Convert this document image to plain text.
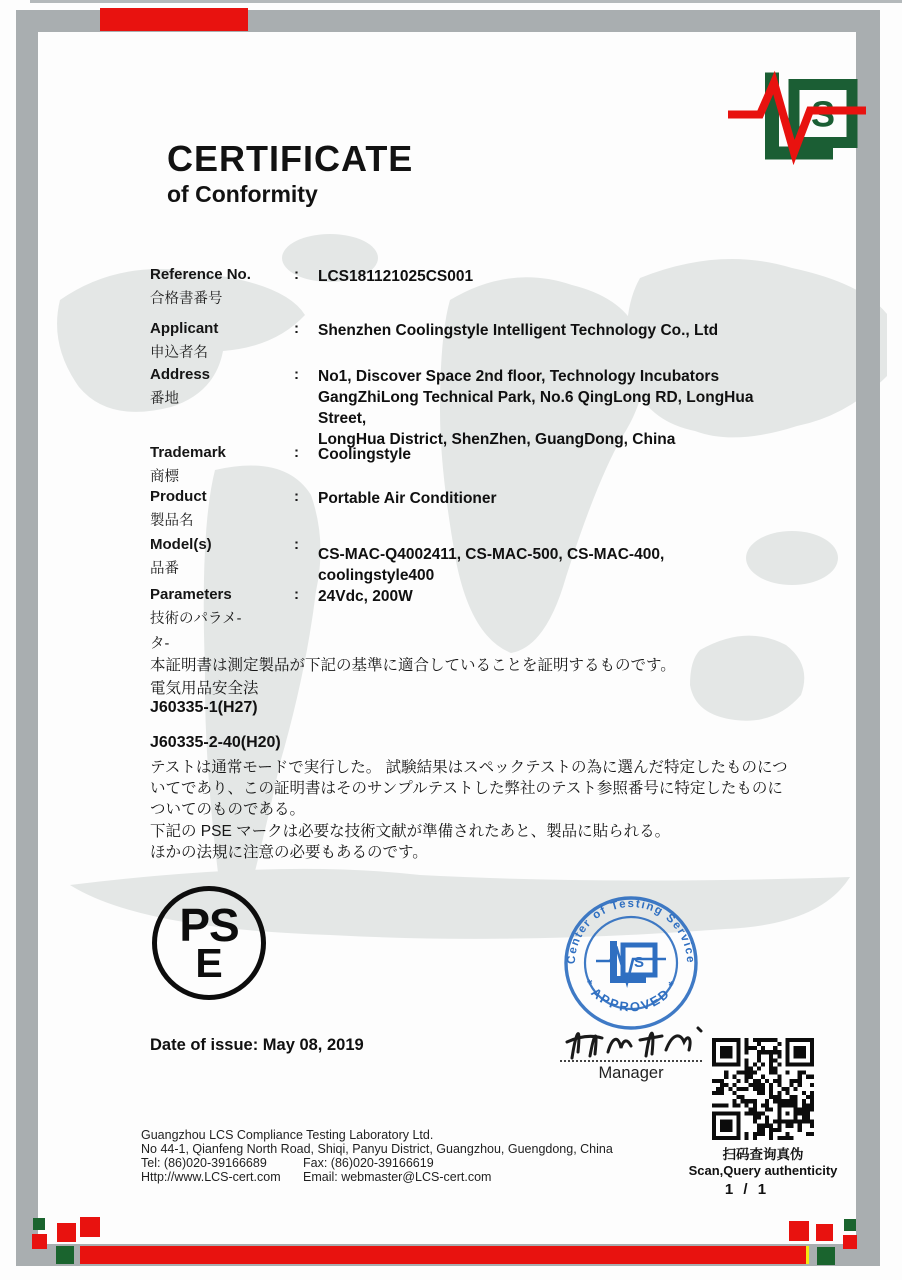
S
CERTIFICATE
of Conformity
Reference No.
合格書番号
:	LCS181121025CS001
Applicant
申込者名
:	Shenzhen Coolingstyle Intelligent Technology Co., Ltd
Address
番地
:	No1, Discover Space 2nd floor, Technology Incubators
GangZhiLong Technical Park, No.6 QingLong RD, LongHua Street,
LongHua District, ShenZhen, GuangDong, China
Trademark
商標
:	Coolingstyle
Product
製品名
:	Portable Air Conditioner
Model(s)
品番
:
CS-MAC-Q4002411, CS-MAC-500, CS-MAC-400, coolingstyle400
Parameters
技術のパラメ-
タ-
:	24Vdc, 200W
本証明書は測定製品が下記の基準に適合していることを証明するものです。
電気用品安全法
J60335-1(H27)
J60335-2-40(H20)
テストは通常モードで実行した。 試験結果はスペックテストの為に選んだ特定したものにつ
いてであり、この証明書はそのサンプルテストした弊社のテスト参照番号に特定したものに
ついてのものである。
下記の PSE マークは必要な技術文献が準備されたあと、製品に貼られる。
ほかの法規に注意の必要もあるのです。
PS
E	Center of Testing Service
* APPROVED *
S
Manager
Date of issue: May 08, 2019
Guangzhou LCS Compliance Testing Laboratory Ltd.
No 44-1, Qianfeng North Road, Shiqi, Panyu District, Guangzhou, Guengdong, China
Tel: (86)020-39166689	Fax: (86)020-39166619
Http://www.LCS-cert.com	Email: webmaster@LCS-cert.com
扫码查询真伪
Scan,Query authenticity
1 / 1
